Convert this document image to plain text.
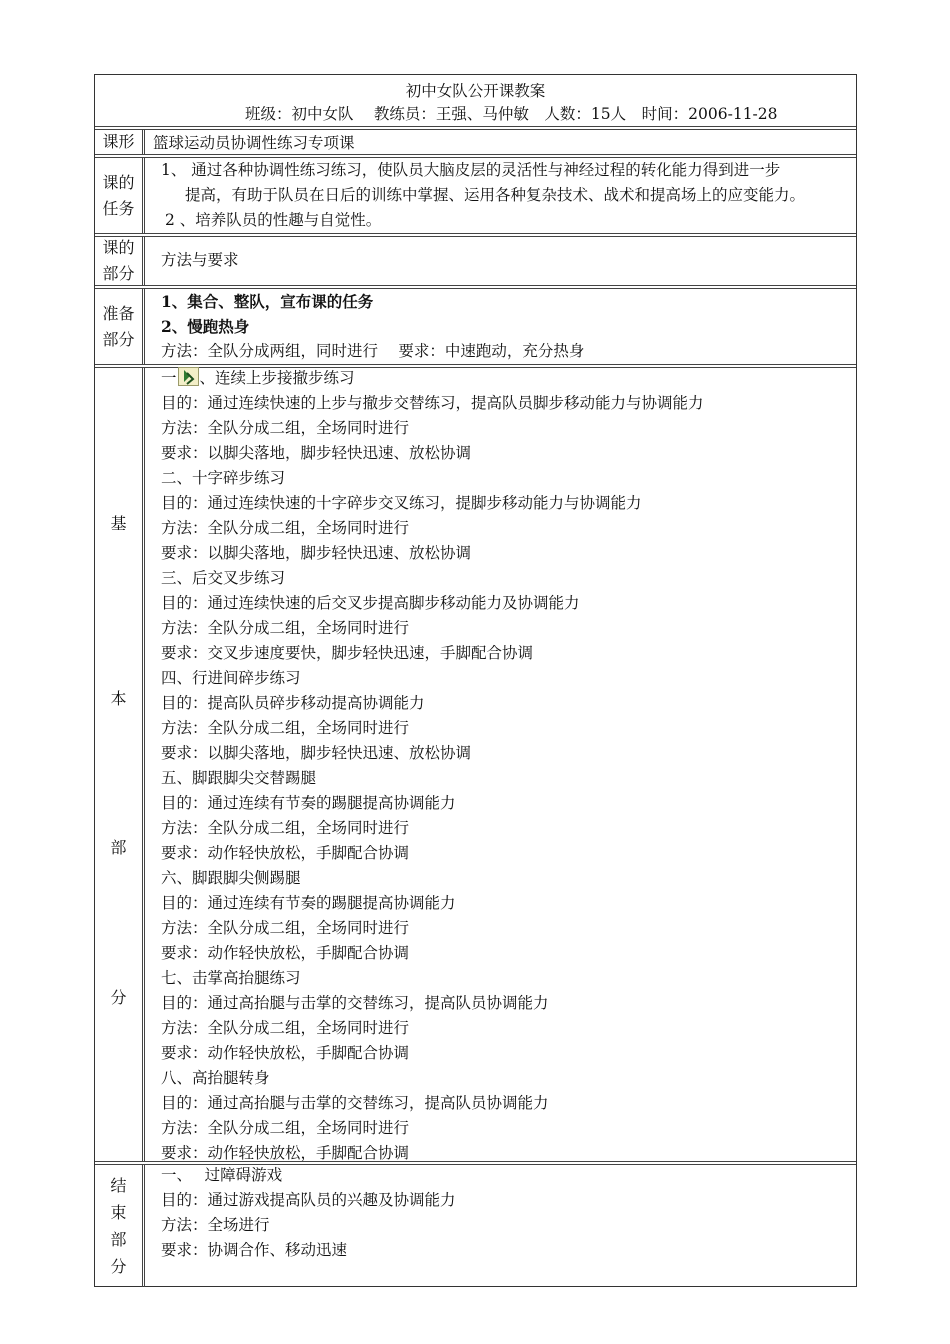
初中女队公开课教案
班级：初中女队　 教练员：王强、马仲敏　人数：15人　时间：2006-11-28
课形	篮球运动员协调性练习专项课
课的
任务
1、 通过各种协调性练习练习，使队员大脑皮层的灵活性与神经过程的转化能力得到进一步
提高，有助于队员在日后的训练中掌握、运用各种复杂技术、战术和提高场上的应变能力。
2 、培养队员的性趣与自觉性。
课的
部分
方法与要求
准备
部分
1、集合、整队，宣布课的任务
2、慢跑热身
方法：全队分成两组，同时进行　 要求：中速跑动，充分热身
基
本
部
分
一 、连续上步接撤步练习
目的：通过连续快速的上步与撤步交替练习，提高队员脚步移动能力与协调能力
方法：全队分成二组，全场同时进行
要求：以脚尖落地，脚步轻快迅速、放松协调
二、十字碎步练习
目的：通过连续快速的十字碎步交叉练习，提脚步移动能力与协调能力
方法：全队分成二组，全场同时进行
要求：以脚尖落地，脚步轻快迅速、放松协调
三、后交叉步练习
目的：通过连续快速的后交叉步提高脚步移动能力及协调能力
方法：全队分成二组，全场同时进行
要求：交叉步速度要快，脚步轻快迅速，手脚配合协调
四、行进间碎步练习
目的：提高队员碎步移动提高协调能力
方法：全队分成二组，全场同时进行
要求：以脚尖落地，脚步轻快迅速、放松协调
五、脚跟脚尖交替踢腿
目的：通过连续有节奏的踢腿提高协调能力
方法：全队分成二组，全场同时进行
要求：动作轻快放松，手脚配合协调
六、脚跟脚尖侧踢腿
目的：通过连续有节奏的踢腿提高协调能力
方法：全队分成二组，全场同时进行
要求：动作轻快放松，手脚配合协调
七、击掌高抬腿练习
目的：通过高抬腿与击掌的交替练习，提高队员协调能力
方法：全队分成二组，全场同时进行
要求：动作轻快放松，手脚配合协调
八、高抬腿转身
目的：通过高抬腿与击掌的交替练习，提高队员协调能力
方法：全队分成二组，全场同时进行
要求：动作轻快放松，手脚配合协调
结
束
部
分
一、　 过障碍游戏
目的：通过游戏提高队员的兴趣及协调能力
方法：全场进行
要求：协调合作、移动迅速
